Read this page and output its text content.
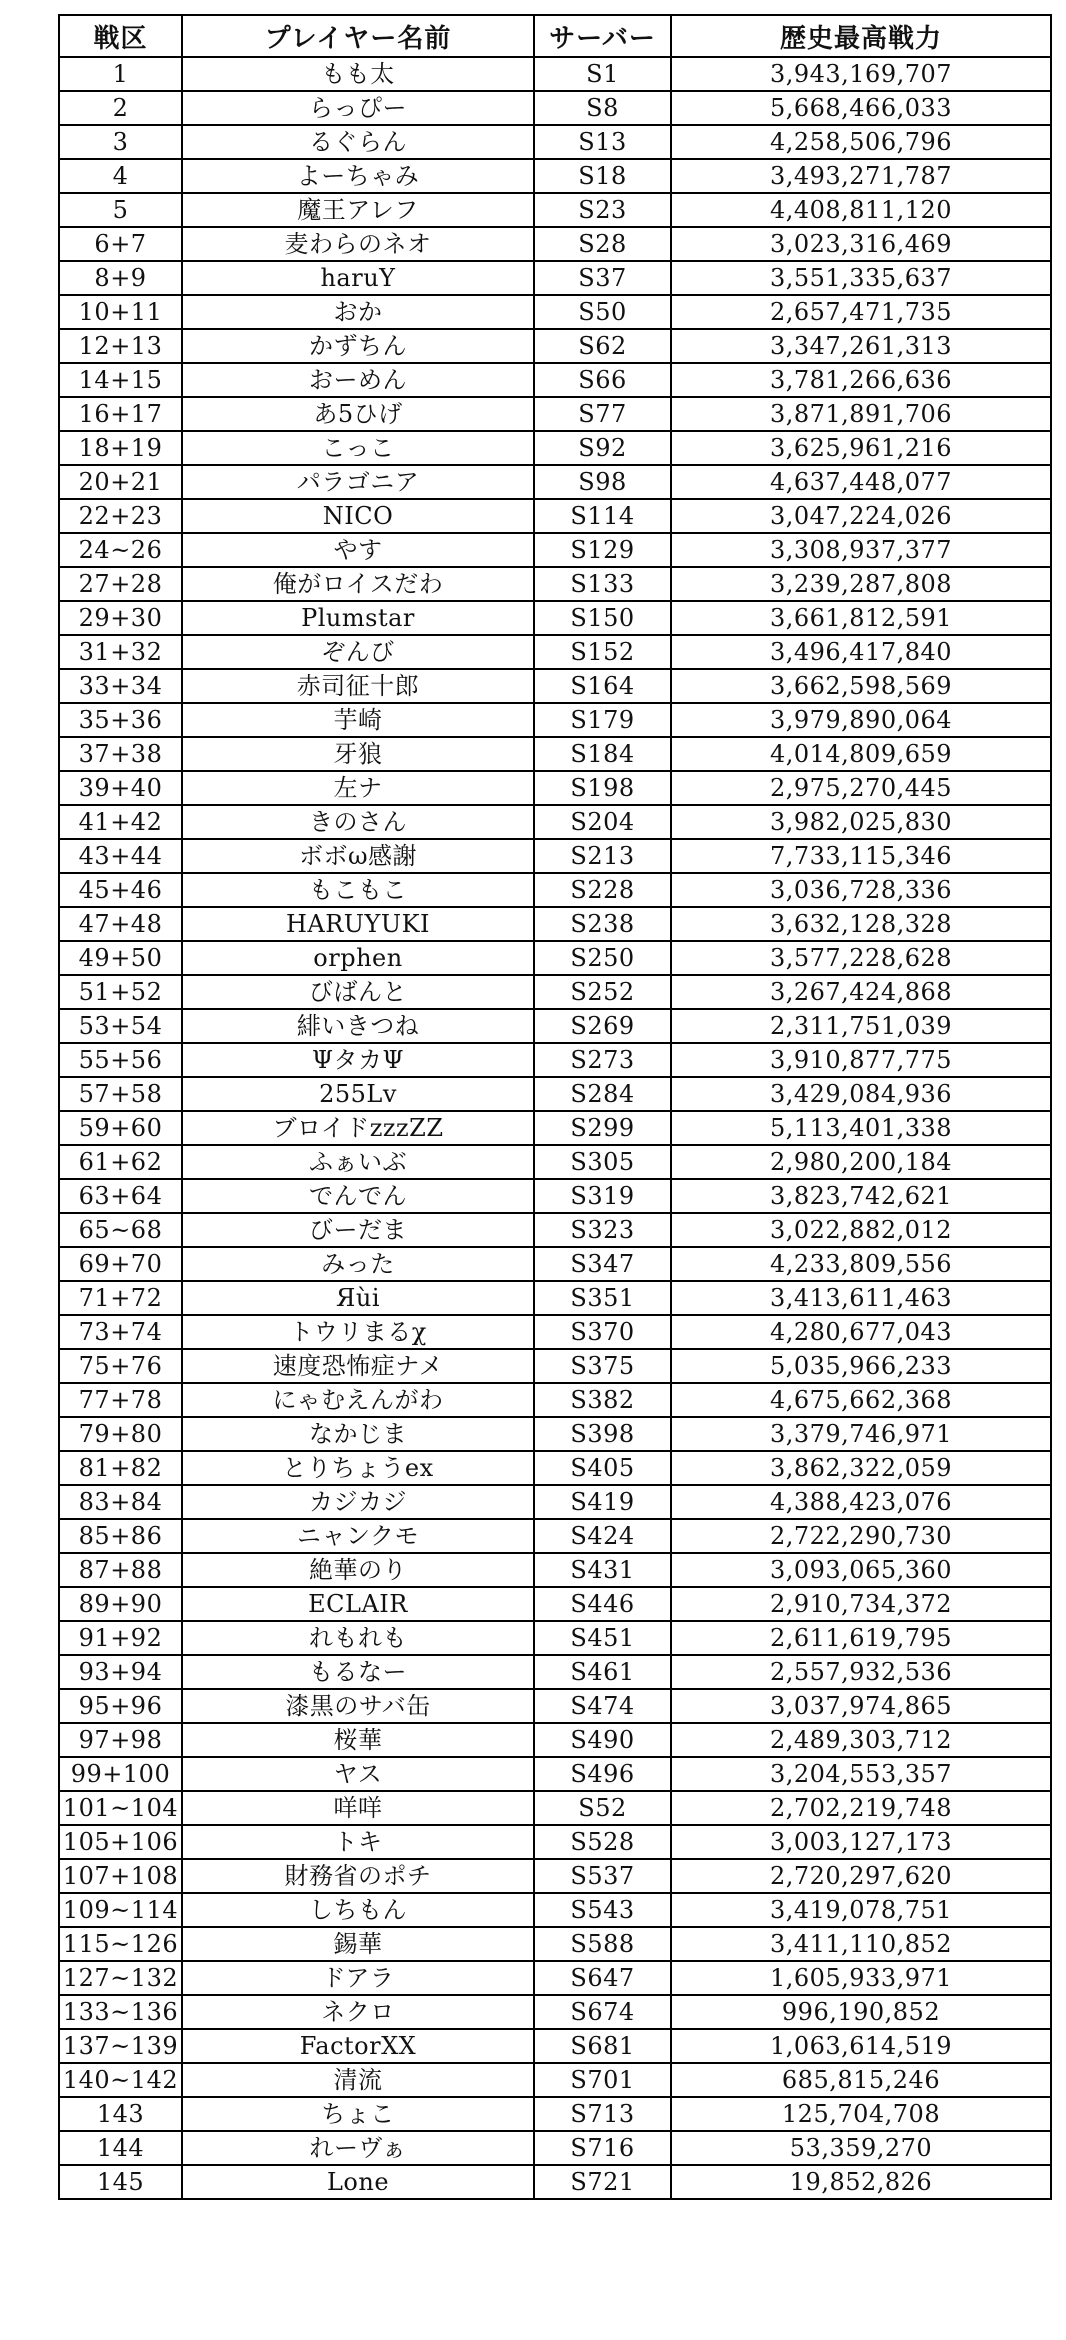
戦区	プレイヤー名前	サーバー	歴史最高戦力
1	もも太	S1	3,943,169,707
2	らっぴー	S8	5,668,466,033
3	るぐらん	S13	4,258,506,796
4	よーちゃみ	S18	3,493,271,787
5	魔王アレフ	S23	4,408,811,120
6+7	麦わらのネオ	S28	3,023,316,469
8+9	haruY	S37	3,551,335,637
10+11	おか	S50	2,657,471,735
12+13	かずちん	S62	3,347,261,313
14+15	おーめん	S66	3,781,266,636
16+17	あ5ひげ	S77	3,871,891,706
18+19	こっこ	S92	3,625,961,216
20+21	パラゴニア	S98	4,637,448,077
22+23	NICO	S114	3,047,224,026
24~26	やす	S129	3,308,937,377
27+28	俺がロイスだわ	S133	3,239,287,808
29+30	Plumstar	S150	3,661,812,591
31+32	ぞんび	S152	3,496,417,840
33+34	赤司征十郎	S164	3,662,598,569
35+36	芋崎	S179	3,979,890,064
37+38	牙狼	S184	4,014,809,659
39+40	左ナ	S198	2,975,270,445
41+42	きのさん	S204	3,982,025,830
43+44	ボボω感謝	S213	7,733,115,346
45+46	もこもこ	S228	3,036,728,336
47+48	HARUYUKI	S238	3,632,128,328
49+50	orphen	S250	3,577,228,628
51+52	びばんと	S252	3,267,424,868
53+54	緋いきつね	S269	2,311,751,039
55+56	ΨタカΨ	S273	3,910,877,775
57+58	255Lv	S284	3,429,084,936
59+60	ブロイドzzzZZ	S299	5,113,401,338
61+62	ふぁいぶ	S305	2,980,200,184
63+64	でんでん	S319	3,823,742,621
65~68	びーだま	S323	3,022,882,012
69+70	みった	S347	4,233,809,556
71+72	Яùi	S351	3,413,611,463
73+74	トウリまるχ	S370	4,280,677,043
75+76	速度恐怖症ナメ	S375	5,035,966,233
77+78	にゃむえんがわ	S382	4,675,662,368
79+80	なかじま	S398	3,379,746,971
81+82	とりちょうex	S405	3,862,322,059
83+84	カジカジ	S419	4,388,423,076
85+86	ニャンクモ	S424	2,722,290,730
87+88	絶華のり	S431	3,093,065,360
89+90	ECLAIR	S446	2,910,734,372
91+92	れもれも	S451	2,611,619,795
93+94	もるなー	S461	2,557,932,536
95+96	漆黒のサバ缶	S474	3,037,974,865
97+98	桜華	S490	2,489,303,712
99+100	ヤス	S496	3,204,553,357
101~104	咩咩	S52	2,702,219,748
105+106	トキ	S528	3,003,127,173
107+108	財務省のポチ	S537	2,720,297,620
109~114	しちもん	S543	3,419,078,751
115~126	錫華	S588	3,411,110,852
127~132	ドアラ	S647	1,605,933,971
133~136	ネクロ	S674	996,190,852
137~139	FactorXX	S681	1,063,614,519
140~142	清流	S701	685,815,246
143	ちょこ	S713	125,704,708
144	れーヴぁ	S716	53,359,270
145	Lone	S721	19,852,826
